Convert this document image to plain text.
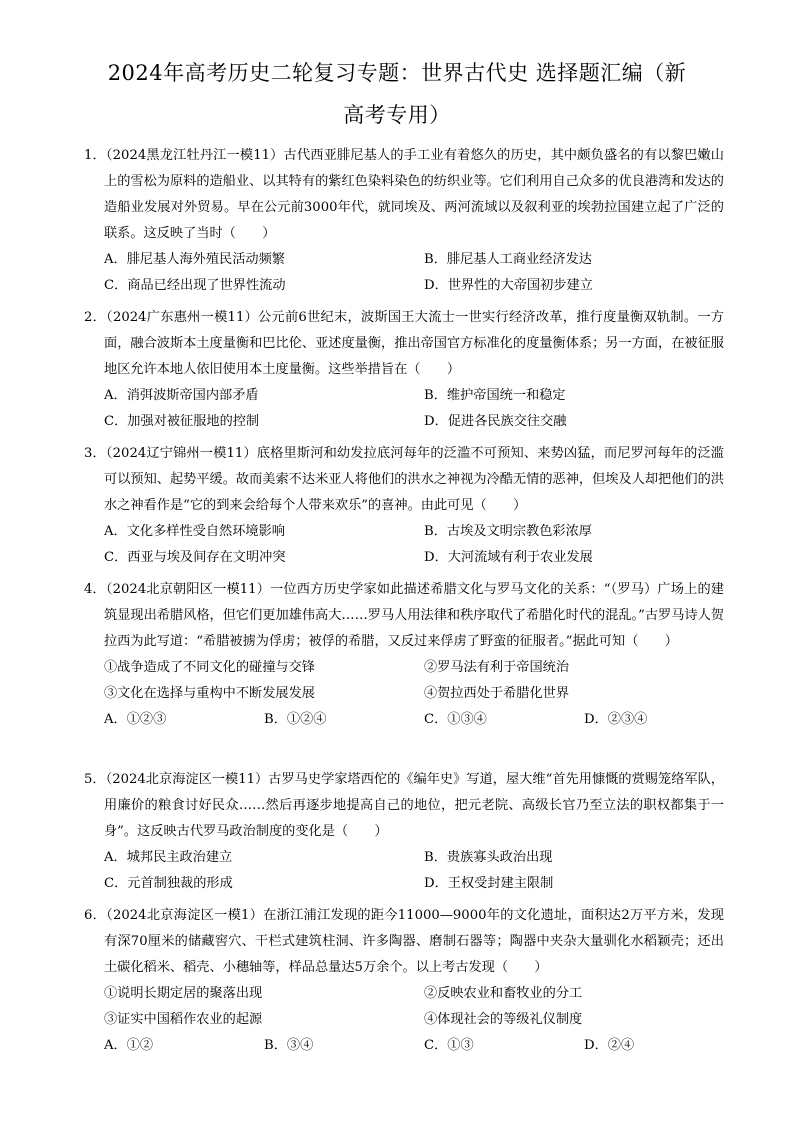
2024年高考历史二轮复习专题：世界古代史 选择题汇编（新
高考专用）
1．（2024黑龙江牡丹江一模11）古代西亚腓尼基人的手工业有着悠久的历史，其中颇负盛名的有以黎巴嫩山上的雪松为原料的造船业、以其特有的紫红色染料染色的纺织业等。它们利用自己众多的优良港湾和发达的造船业发展对外贸易。早在公元前3000年代，就同埃及、两河流域以及叙利亚的埃勃拉国建立起了广泛的联系。这反映了当时（　　）
A．腓尼基人海外殖民活动频繁	B．腓尼基人工商业经济发达
C．商品已经出现了世界性流动	D．世界性的大帝国初步建立
2．（2024广东惠州一模11）公元前6世纪末，波斯国王大流士一世实行经济改革，推行度量衡双轨制。一方面，融合波斯本土度量衡和巴比伦、亚述度量衡，推出帝国官方标准化的度量衡体系；另一方面，在被征服地区允许本地人依旧使用本土度量衡。这些举措旨在（　　）
A．消弭波斯帝国内部矛盾	B．维护帝国统一和稳定
C．加强对被征服地的控制	D．促进各民族交往交融
3．（2024辽宁锦州一模11）底格里斯河和幼发拉底河每年的泛滥不可预知、来势凶猛，而尼罗河每年的泛滥可以预知、起势平缓。故而美索不达米亚人将他们的洪水之神视为冷酷无情的恶神，但埃及人却把他们的洪水之神看作是“它的到来会给每个人带来欢乐”的喜神。由此可见（　　）
A．文化多样性受自然环境影响	B．古埃及文明宗教色彩浓厚
C．西亚与埃及间存在文明冲突	D．大河流域有利于农业发展
4．（2024北京朝阳区一模11）一位西方历史学家如此描述希腊文化与罗马文化的关系：“（罗马）广场上的建筑显现出希腊风格，但它们更加雄伟高大……罗马人用法律和秩序取代了希腊化时代的混乱。”古罗马诗人贺拉西为此写道：“希腊被掳为俘虏；被俘的希腊，又反过来俘虏了野蛮的征服者。”据此可知（　　）
①战争造成了不同文化的碰撞与交锋	②罗马法有利于帝国统治
③文化在选择与重构中不断发展发展	④贺拉西处于希腊化世界
A．①②③	B．①②④	C．①③④	D．②③④
5．（2024北京海淀区一模11）古罗马史学家塔西佗的《编年史》写道，屋大维“首先用慷慨的赏赐笼络军队，用廉价的粮食讨好民众……然后再逐步地提高自己的地位，把元老院、高级长官乃至立法的职权都集于一身”。这反映古代罗马政治制度的变化是（　　）
A．城邦民主政治建立	B．贵族寡头政治出现
C．元首制独裁的形成	D．王权受封建主限制
6．（2024北京海淀区一模1）在浙江浦江发现的距今11000—9000年的文化遗址，面积达2万平方米，发现有深70厘米的储藏窖穴、干栏式建筑柱洞、许多陶器、磨制石器等；陶器中夹杂大量驯化水稻颖壳；还出土碳化稻米、稻壳、小穗轴等，样品总量达5万余个。以上考古发现（　　）
①说明长期定居的聚落出现	②反映农业和畜牧业的分工
③证实中国稻作农业的起源	④体现社会的等级礼仪制度
A．①②	B．③④	C．①③	D．②④
